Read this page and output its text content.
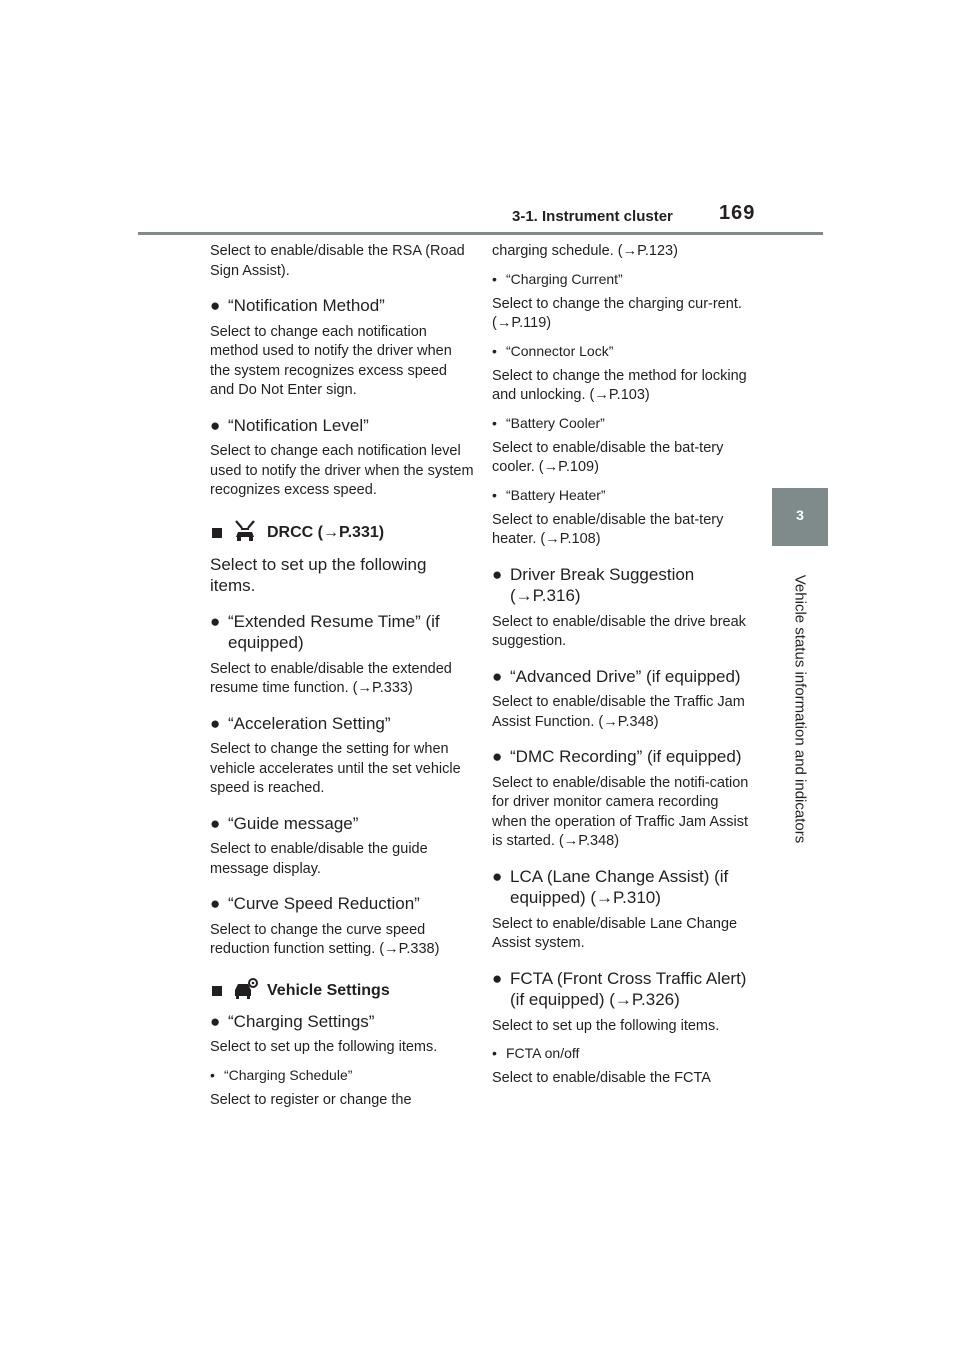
3-1. Instrument cluster 169
3
Vehicle status information and indicators

Select to enable/disable the RSA (Road Sign Assist).

● “Notification Method”

Select to change each notification method used to notify the driver when the system recognizes excess speed and Do Not Enter sign.

● “Notification Level”

Select to change each notification level used to notify the driver when the system recognizes excess speed.

DRCC (→P.331)

Select to set up the following items.

● “Extended Resume Time” (if equipped)

Select to enable/disable the extended resume time function. (→P.333)

● “Acceleration Setting”

Select to change the setting for when vehicle accelerates until the set vehicle speed is reached.

● “Guide message”

Select to enable/disable the guide message display.

● “Curve Speed Reduction”

Select to change the curve speed reduction function setting. (→P.338)

Vehicle Settings
● “Charging Settings”

Select to set up the following items.

• “Charging Schedule”

Select to register or change the

charging schedule. (→P.123)

• “Charging Current”

Select to change the charging cur-rent. (→P.119)

• “Connector Lock”

Select to change the method for locking and unlocking. (→P.103)

• “Battery Cooler”

Select to enable/disable the bat-tery cooler. (→P.109)

• “Battery Heater”

Select to enable/disable the bat-tery heater. (→P.108)

● Driver Break Suggestion (→P.316)

Select to enable/disable the drive break suggestion.

● “Advanced Drive” (if equipped)

Select to enable/disable the Traffic Jam Assist Function. (→P.348)

● “DMC Recording” (if equipped)

Select to enable/disable the notifi-cation for driver monitor camera recording when the operation of Traffic Jam Assist is started. (→P.348)

● LCA (Lane Change Assist) (if equipped) (→P.310)

Select to enable/disable Lane Change Assist system.

● FCTA (Front Cross Traffic Alert) (if equipped) (→P.326)

Select to set up the following items.

• FCTA on/off

Select to enable/disable the FCTA
